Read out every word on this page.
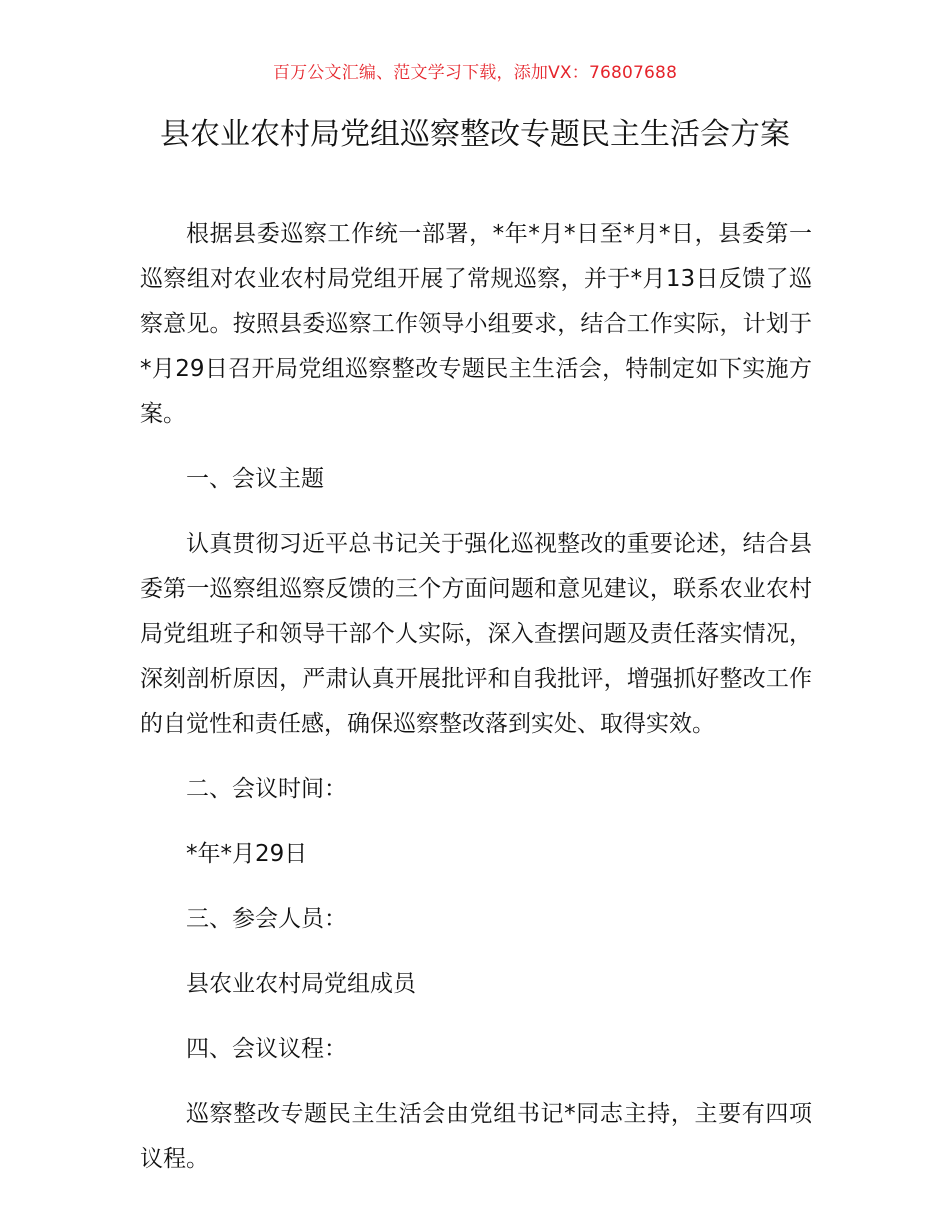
百万公文汇编、范文学习下载，添加VX：76807688
县农业农村局党组巡察整改专题民主生活会方案

根据县委巡察工作统一部署，*年*月*日至*月*日，县委第一巡察组对农业农村局党组开展了常规巡察，并于*月13日反馈了巡察意见。按照县委巡察工作领导小组要求，结合工作实际，计划于*月29日召开局党组巡察整改专题民主生活会，特制定如下实施方案。

一、会议主题

认真贯彻习近平总书记关于强化巡视整改的重要论述，结合县委第一巡察组巡察反馈的三个方面问题和意见建议，联系农业农村局党组班子和领导干部个人实际，深入查摆问题及责任落实情况，深刻剖析原因，严肃认真开展批评和自我批评，增强抓好整改工作的自觉性和责任感，确保巡察整改落到实处、取得实效。

二、会议时间：

*年*月29日

三、参会人员：

县农业农村局党组成员

四、会议议程：

巡察整改专题民主生活会由党组书记*同志主持，主要有四项议程。
